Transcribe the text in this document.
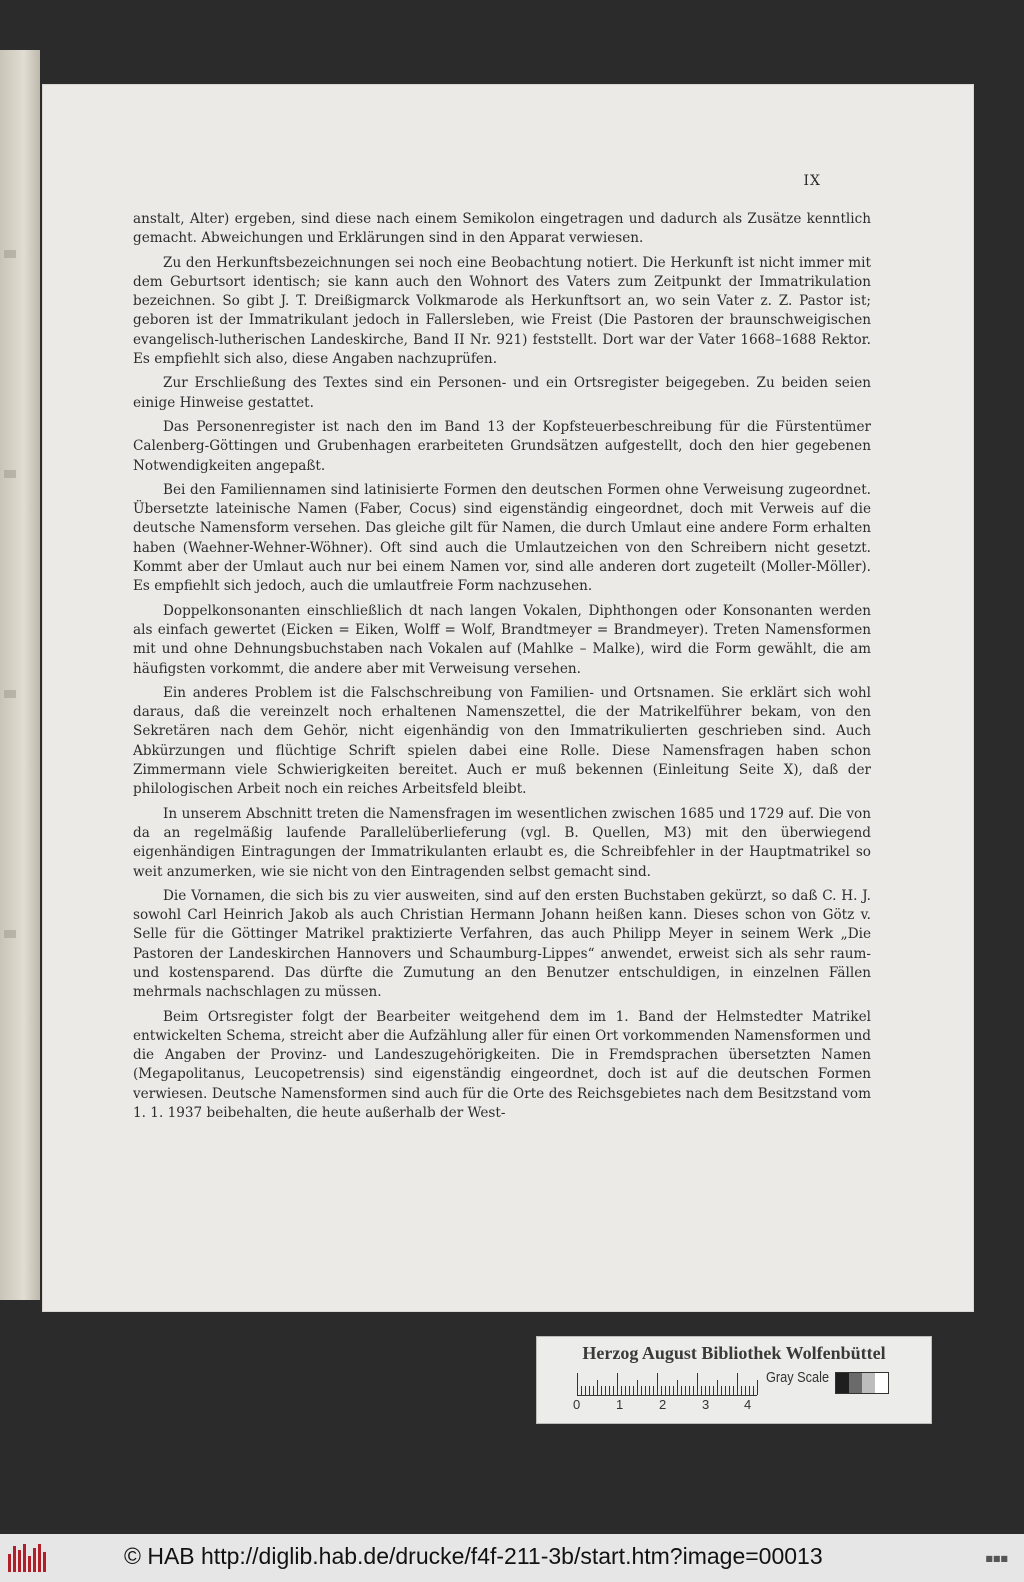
IX

anstalt, Alter) ergeben, sind diese nach einem Semikolon eingetragen und dadurch als Zusätze kenntlich gemacht. Abweichungen und Erklärungen sind in den Apparat verwiesen.

Zu den Herkunftsbezeichnungen sei noch eine Beobachtung notiert. Die Herkunft ist nicht immer mit dem Geburtsort identisch; sie kann auch den Wohnort des Vaters zum Zeitpunkt der Immatrikulation bezeichnen. So gibt J. T. Dreißigmarck Volkmarode als Herkunftsort an, wo sein Vater z. Z. Pastor ist; geboren ist der Immatrikulant jedoch in Fallersleben, wie Freist (Die Pastoren der braunschweigischen evangelisch-lutherischen Landeskirche, Band II Nr. 921) feststellt. Dort war der Vater 1668–1688 Rektor. Es empfiehlt sich also, diese Angaben nachzuprüfen.

Zur Erschließung des Textes sind ein Personen- und ein Ortsregister beigegeben. Zu beiden seien einige Hinweise gestattet.

Das Personenregister ist nach den im Band 13 der Kopfsteuerbeschreibung für die Fürstentümer Calenberg-Göttingen und Grubenhagen erarbeiteten Grundsätzen aufgestellt, doch den hier gegebenen Notwendigkeiten angepaßt.

Bei den Familiennamen sind latinisierte Formen den deutschen Formen ohne Verweisung zugeordnet. Übersetzte lateinische Namen (Faber, Cocus) sind eigenständig eingeordnet, doch mit Verweis auf die deutsche Namensform versehen. Das gleiche gilt für Namen, die durch Umlaut eine andere Form erhalten haben (Waehner-Wehner-Wöhner). Oft sind auch die Umlautzeichen von den Schreibern nicht gesetzt. Kommt aber der Umlaut auch nur bei einem Namen vor, sind alle anderen dort zugeteilt (Moller-Möller). Es empfiehlt sich jedoch, auch die umlautfreie Form nachzusehen.

Doppelkonsonanten einschließlich dt nach langen Vokalen, Diphthongen oder Konsonanten werden als einfach gewertet (Eicken = Eiken, Wolff = Wolf, Brandtmeyer = Brandmeyer). Treten Namensformen mit und ohne Dehnungsbuchstaben nach Vokalen auf (Mahlke – Malke), wird die Form gewählt, die am häufigsten vorkommt, die andere aber mit Verweisung versehen.

Ein anderes Problem ist die Falschschreibung von Familien- und Ortsnamen. Sie erklärt sich wohl daraus, daß die vereinzelt noch erhaltenen Namenszettel, die der Matrikelführer bekam, von den Sekretären nach dem Gehör, nicht eigenhändig von den Immatrikulierten geschrieben sind. Auch Abkürzungen und flüchtige Schrift spielen dabei eine Rolle. Diese Namensfragen haben schon Zimmermann viele Schwierigkeiten bereitet. Auch er muß bekennen (Einleitung Seite X), daß der philologischen Arbeit noch ein reiches Arbeitsfeld bleibt.

In unserem Abschnitt treten die Namensfragen im wesentlichen zwischen 1685 und 1729 auf. Die von da an regelmäßig laufende Parallelüberlieferung (vgl. B. Quellen, M3) mit den überwiegend eigenhändigen Eintragungen der Immatrikulanten erlaubt es, die Schreibfehler in der Hauptmatrikel so weit anzumerken, wie sie nicht von den Eintragenden selbst gemacht sind.

Die Vornamen, die sich bis zu vier ausweiten, sind auf den ersten Buchstaben gekürzt, so daß C. H. J. sowohl Carl Heinrich Jakob als auch Christian Hermann Johann heißen kann. Dieses schon von Götz v. Selle für die Göttinger Matrikel praktizierte Verfahren, das auch Philipp Meyer in seinem Werk „Die Pastoren der Landeskirchen Hannovers und Schaumburg-Lippes“ anwendet, erweist sich als sehr raum- und kostensparend. Das dürfte die Zumutung an den Benutzer entschuldigen, in einzelnen Fällen mehrmals nachschlagen zu müssen.

Beim Ortsregister folgt der Bearbeiter weitgehend dem im 1. Band der Helmstedter Matrikel entwickelten Schema, streicht aber die Aufzählung aller für einen Ort vorkommenden Namensformen und die Angaben der Provinz- und Landeszugehörigkeiten. Die in Fremdsprachen übersetzten Namen (Megapolitanus, Leucopetrensis) sind eigenständig eingeordnet, doch ist auf die deutschen Formen verwiesen. Deutsche Namensformen sind auch für die Orte des Reichsgebietes nach dem Besitzstand vom 1. 1. 1937 beibehalten, die heute außerhalb der West-

Herzog August Bibliothek Wolfenbüttel
0	1	2	3	4
Gray Scale
© HAB http://diglib.hab.de/drucke/f4f-211-3b/start.htm?image=00013	■■■
